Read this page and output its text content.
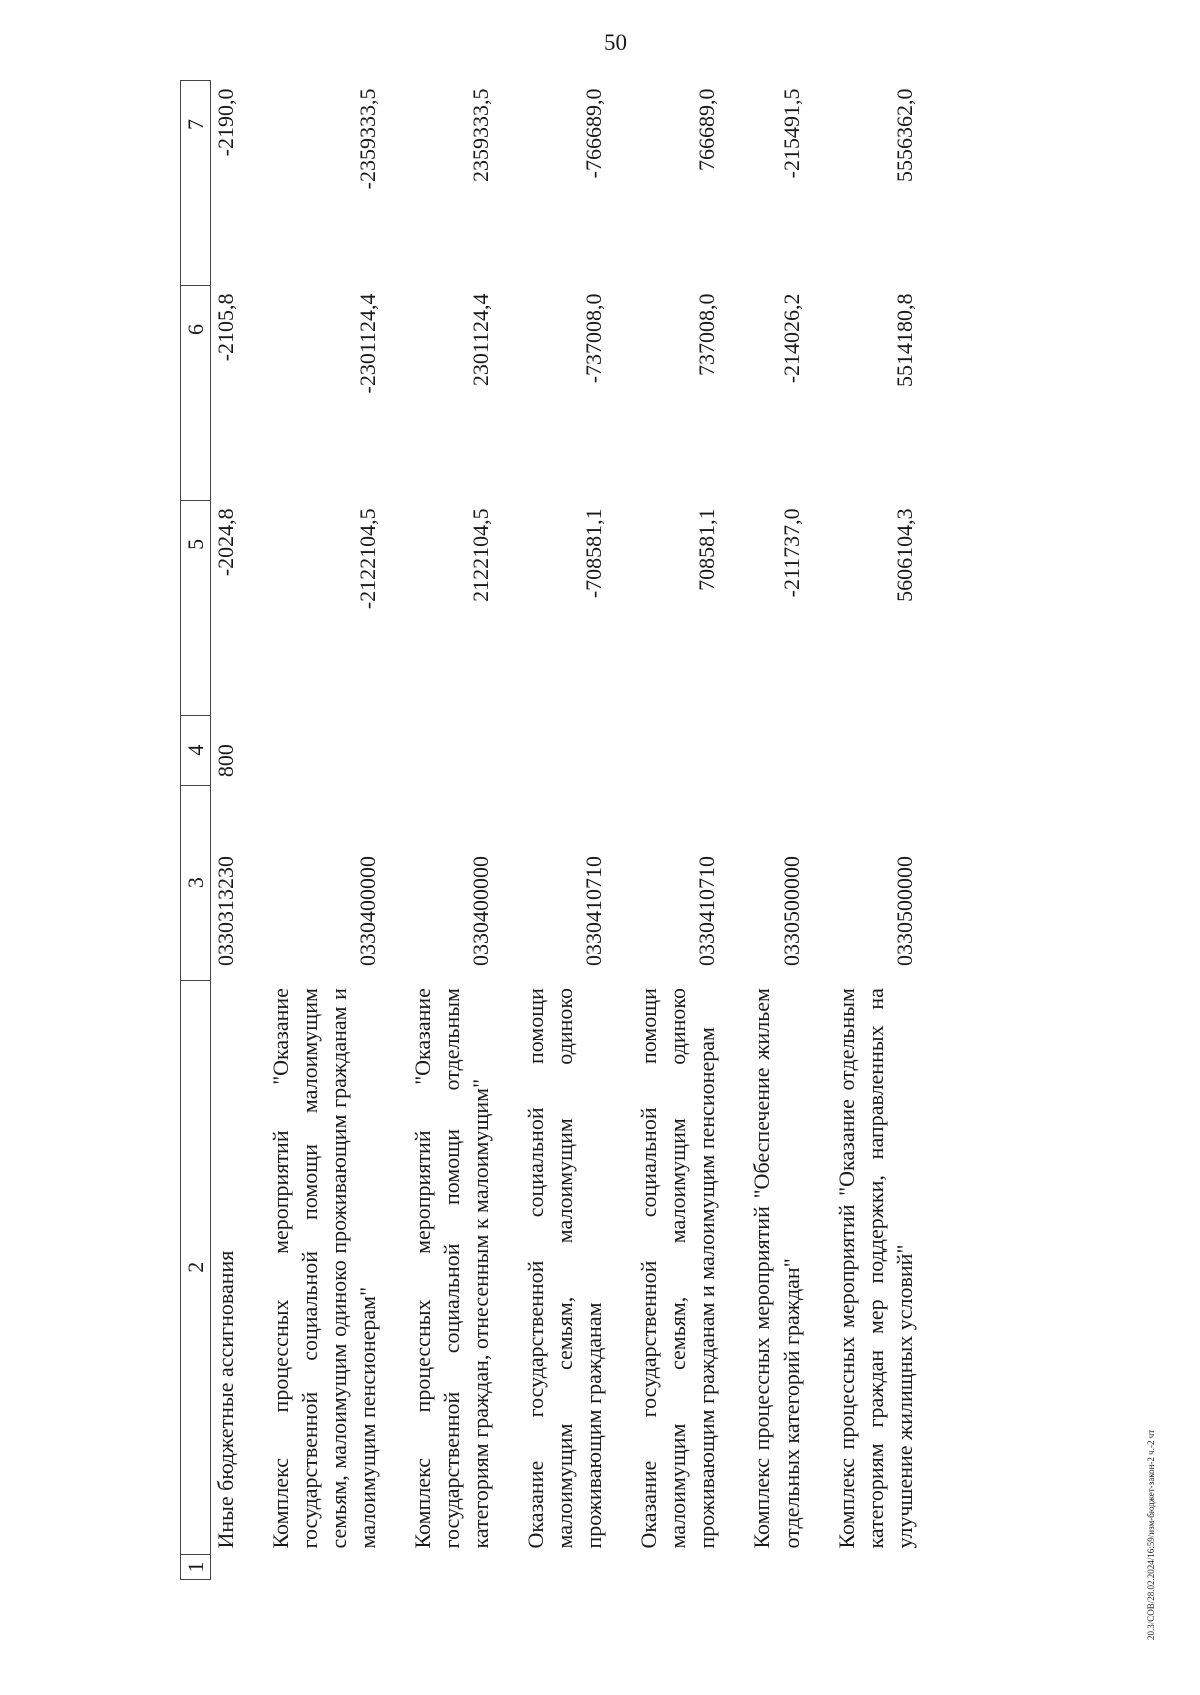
50
1	2	3	4	5	6	7
	Иные бюджетные ассигнования	0330313230	800	-2024,8	-2105,8	-2190,0
	Комплекс процессных мероприятий "Оказание государственной социальной помощи малоимущим семьям, малоимущим одиноко проживающим гражданам и малоимущим пенсионерам"	0330400000		-2122104,5	-2301124,4	-2359333,5
	Комплекс процессных мероприятий "Оказание государственной социальной помощи отдельным категориям граждан, отнесенным к малоимущим"	0330400000		2122104,5	2301124,4	2359333,5
	Оказание государственной социальной помощи малоимущим семьям, малоимущим одиноко проживающим гражданам	0330410710		-708581,1	-737008,0	-766689,0
	Оказание государственной социальной помощи малоимущим семьям, малоимущим одиноко проживающим гражданам и малоимущим пенсионерам	0330410710		708581,1	737008,0	766689,0
	Комплекс процессных мероприятий "Обеспечение жильем отдельных категорий граждан"	0330500000		-211737,0	-214026,2	-215491,5
	Комплекс процессных мероприятий "Оказание отдельным категориям граждан мер поддержки, направленных на улучшение жилищных условий"	0330500000		5606104,3	5514180,8	5556362,0
20.3/СОВ/28.02.2024/16:59/изм-бюджет-закон-2 ч.-2 чт
